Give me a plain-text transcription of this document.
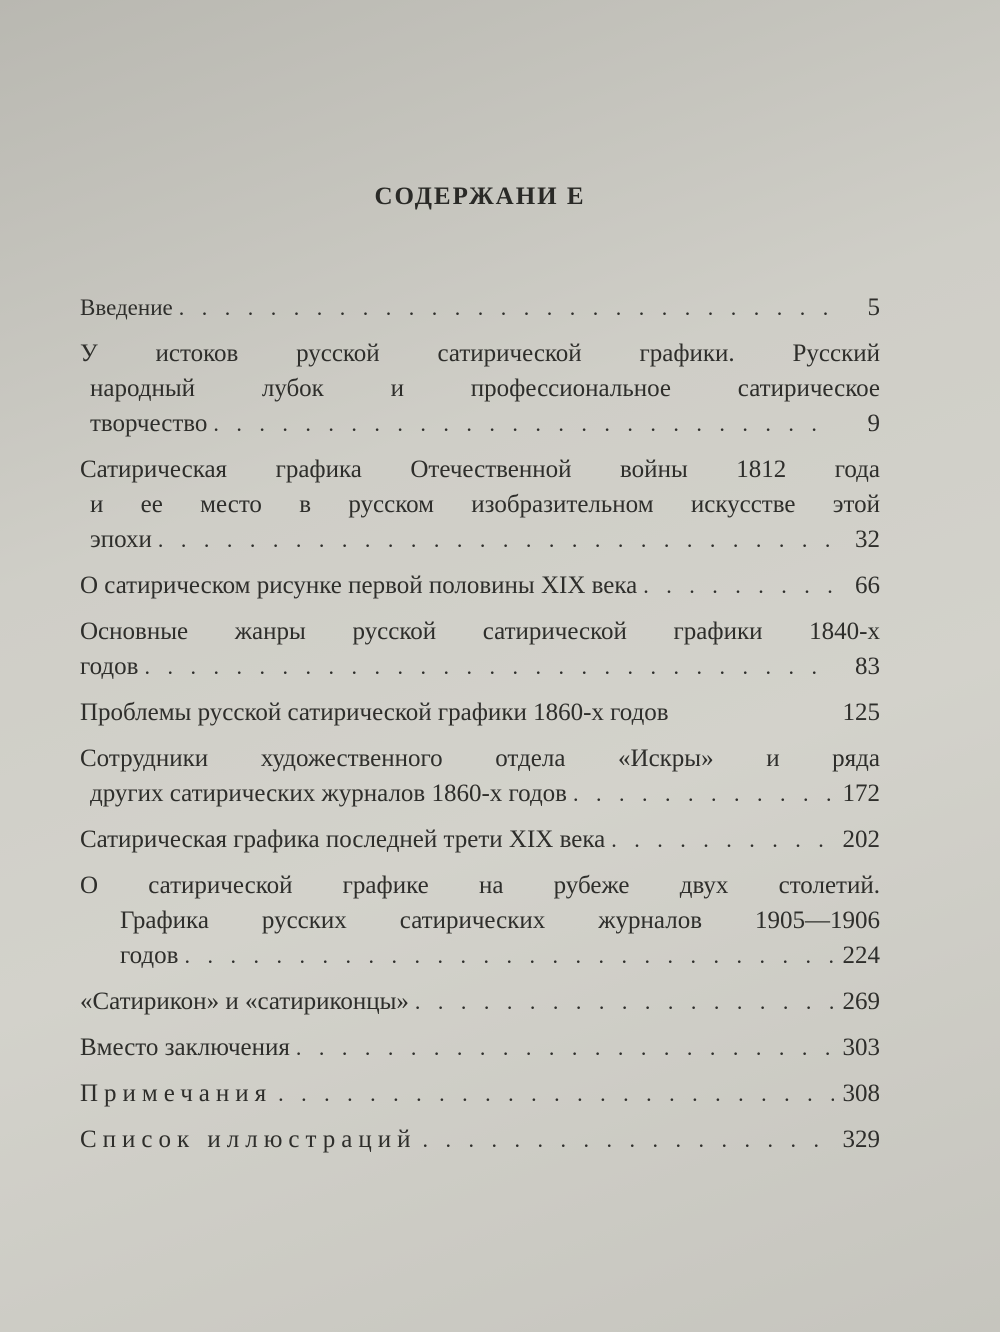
СОДЕРЖАНИ Е
Введение . . .	5
У истоков русской сатирической графики. Русский
народный лубок и профессиональное сатирическое
творчество . . .	9
Сатирическая графика Отечественной войны 1812 года
и ее место в русском изобразительном искусстве этой
эпохи . . .	32
О сатирическом рисунке первой половины XIX века . . .	66
Основные жанры русской сатирической графики 1840-х
годов . . .	83
Проблемы русской сатирической графики 1860-х годов	125
Сотрудники художественного отдела «Искры» и ряда
других сатирических журналов 1860-х годов . . .	172
Сатирическая графика последней трети XIX века . . .	202
О сатирической графике на рубеже двух столетий.
Графика русских сатирических журналов 1905—1906
годов . . .	224
«Сатирикон» и «сатириконцы» . . .	269
Вместо заключения . . .	303
Примечания . . .	308
Список иллюстраций . . .	329
